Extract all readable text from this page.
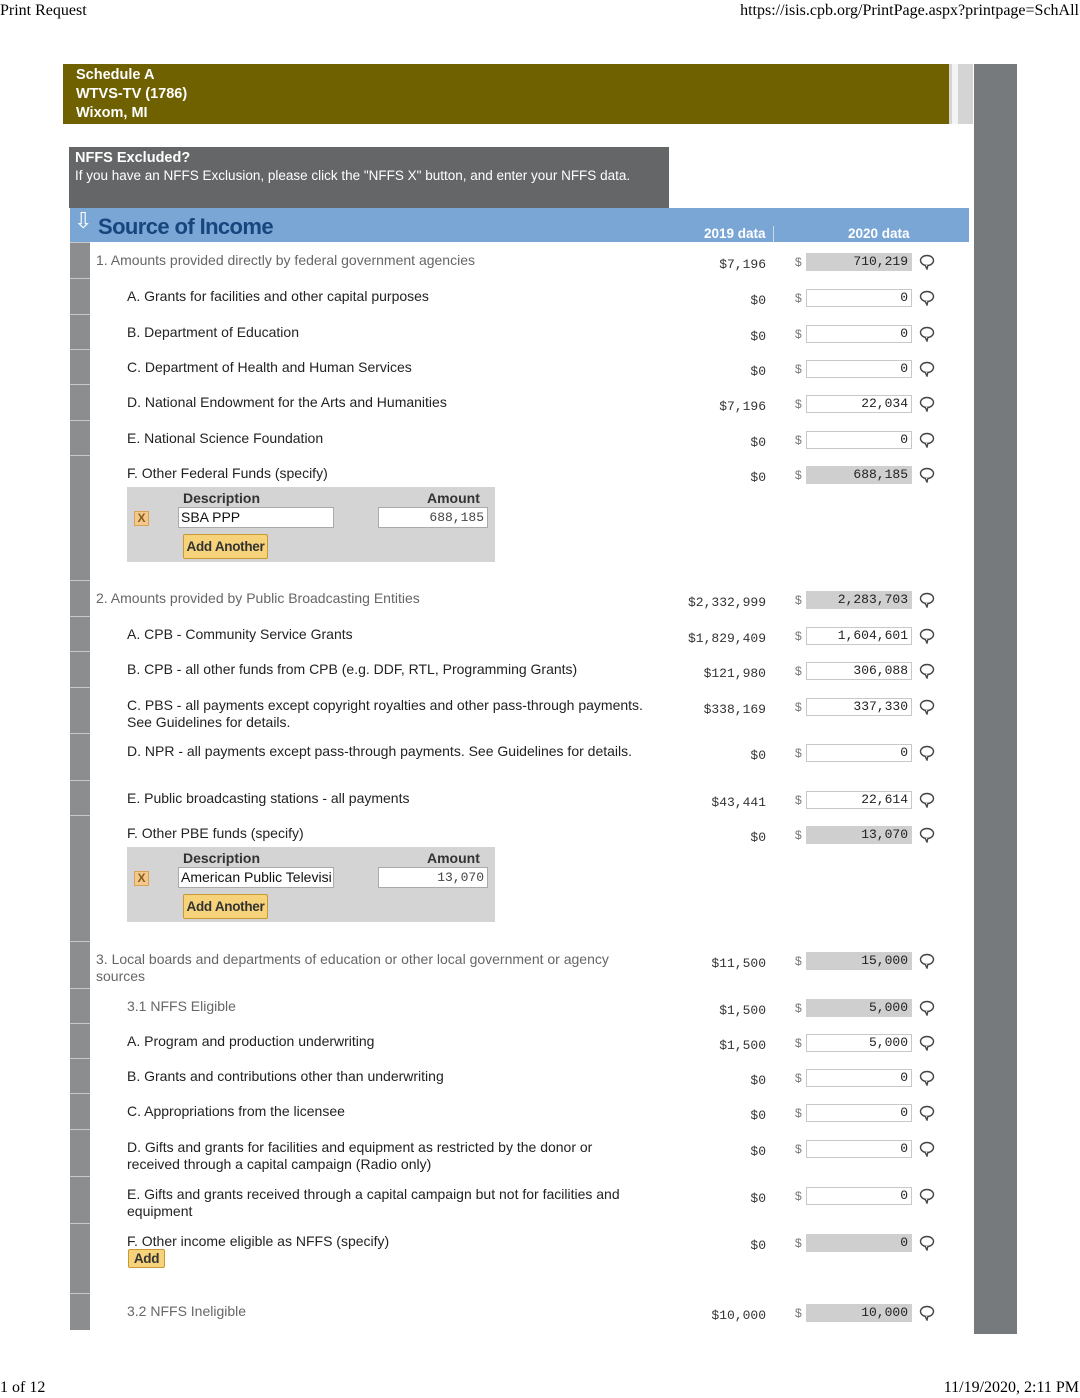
Print Request	https://isis.cpb.org/PrintPage.aspx?printpage=SchAll
Schedule A
WTVS-TV (1786)
Wixom, MI
NFFS Excluded?
If you have an NFFS Exclusion, please click the "NFFS X" button, and enter your NFFS data.
⇩ Source of Income	2019 data	2020 data
1. Amounts provided directly by federal government agencies	$7,196 $	710,219
A. Grants for facilities and other capital purposes	$0 $	0
B. Department of Education	$0 $	0
C. Department of Health and Human Services	$0 $	0
D. National Endowment for the Arts and Humanities	$7,196 $	22,034
E. National Science Foundation	$0 $	0
F. Other Federal Funds (specify)	$0 $	688,185
2. Amounts provided by Public Broadcasting Entities	$2,332,999 $	2,283,703
A. CPB - Community Service Grants	$1,829,409 $	1,604,601
B. CPB - all other funds from CPB (e.g. DDF, RTL, Programming Grants)	$121,980 $	306,088
C. PBS - all payments except copyright royalties and other pass-through payments. See Guidelines for details.
$338,169 $	337,330
D. NPR - all payments except pass-through payments. See Guidelines for details.	$0 $	0
E. Public broadcasting stations - all payments	$43,441 $	22,614
F. Other PBE funds (specify)	$0 $	13,070
3. Local boards and departments of education or other local government or agency sources
$11,500 $	15,000
3.1 NFFS Eligible	$1,500 $	5,000
A. Program and production underwriting	$1,500 $	5,000
B. Grants and contributions other than underwriting	$0 $	0
C. Appropriations from the licensee	$0 $	0
D. Gifts and grants for facilities and equipment as restricted by the donor or received through a capital campaign (Radio only)
$0 $	0
E. Gifts and grants received through a capital campaign but not for facilities and equipment
$0 $	0
F. Other income eligible as NFFS (specify)	$0 $	0
3.2 NFFS Ineligible	$10,000 $	10,000
Description	Amount
X	SBA PPP	688,185
Add Another
Description	Amount
X	American Public Televisi	13,070
Add Another
Add
1 of 12	11/19/2020, 2:11 PM
